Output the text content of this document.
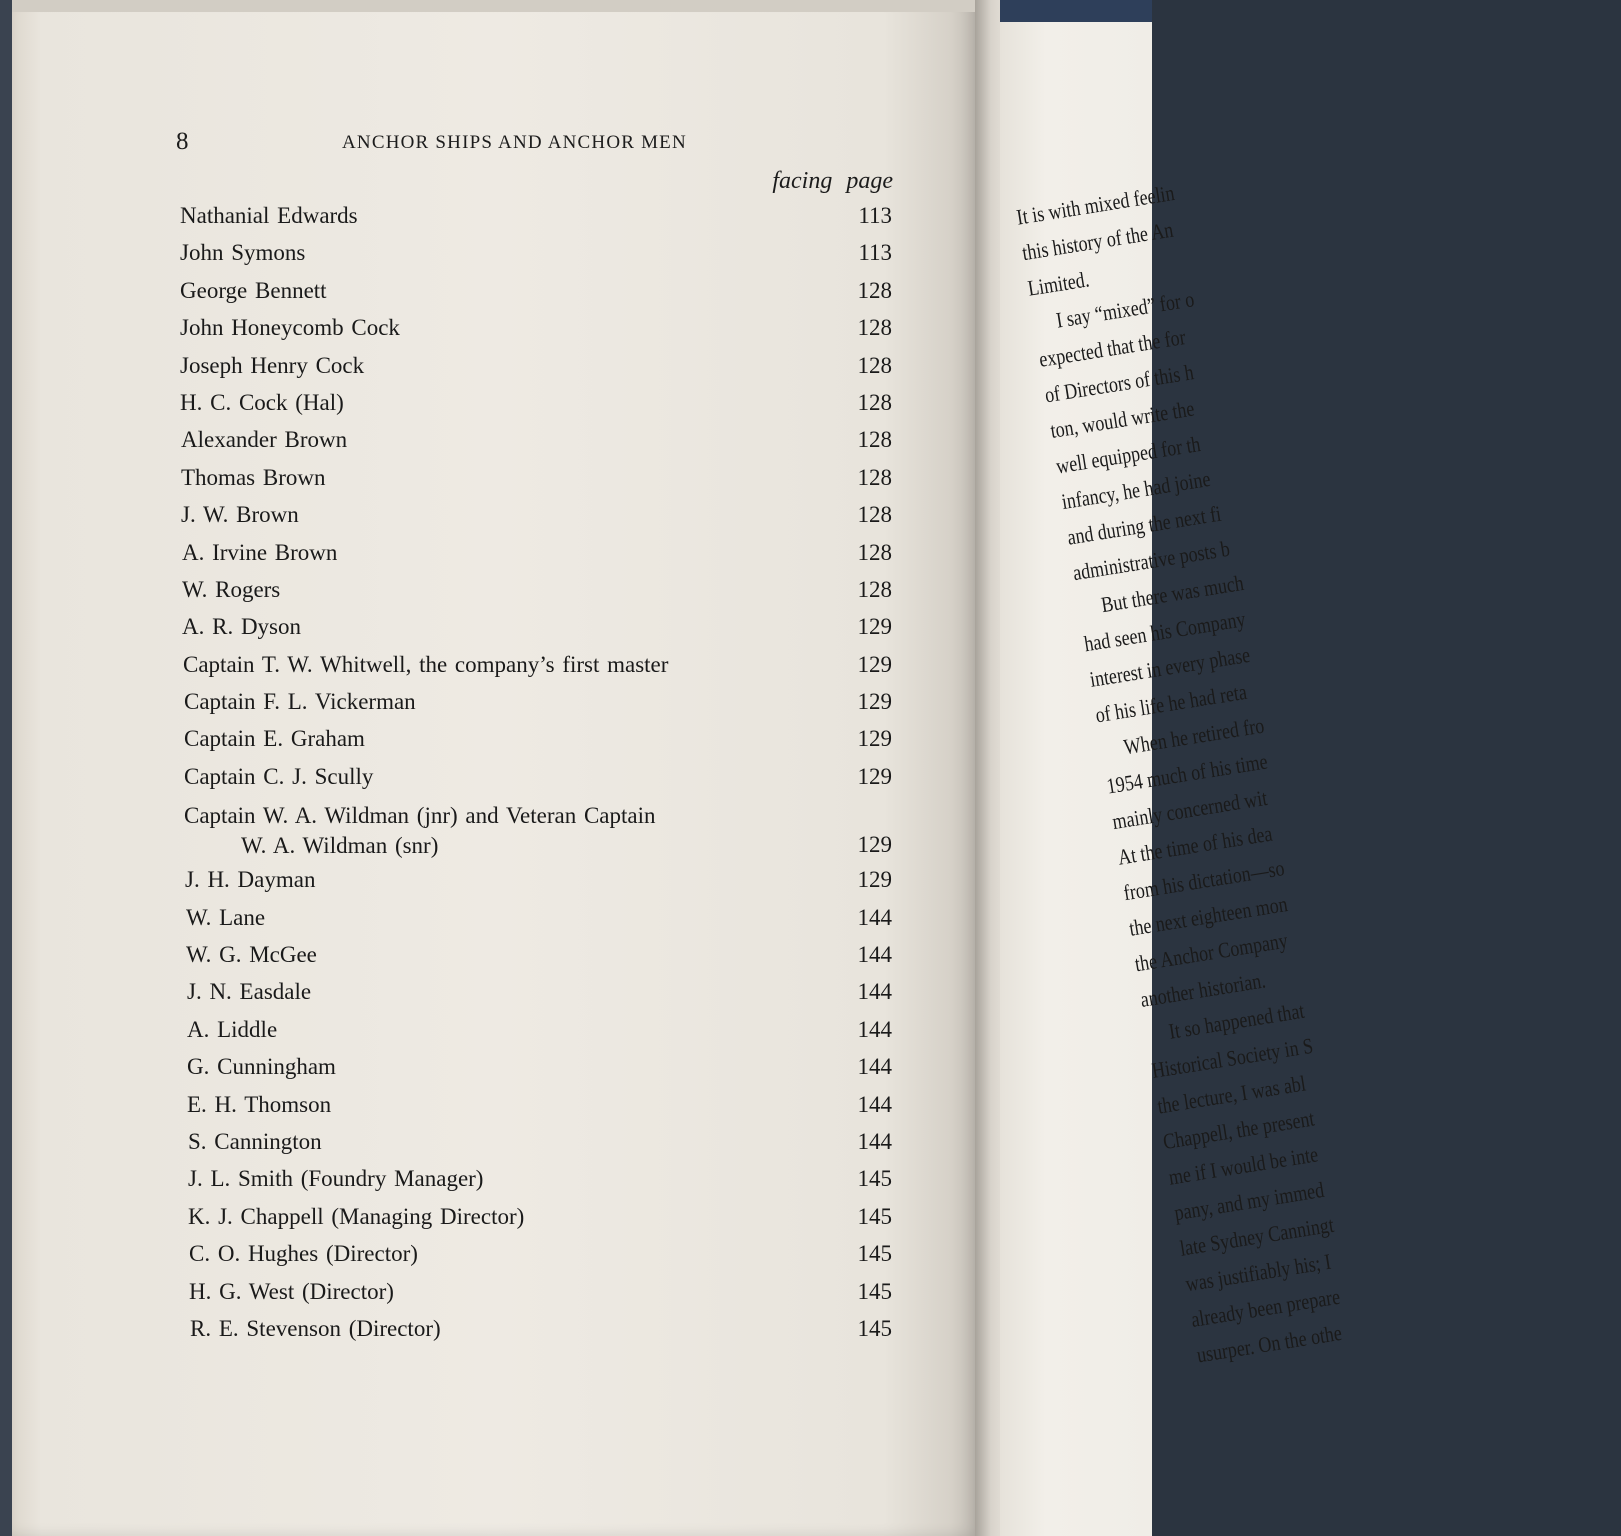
It is with mixed feelin
this history of the An
Limited.
I say “mixed” for o
expected that the for
of Directors of this h
ton, would write the
well equipped for th
infancy, he had joine
and during the next fi
administrative posts b
But there was much
had seen his Company
interest in every phase
of his life he had reta
When he retired fro
1954 much of his time
mainly concerned wit
At the time of his dea
from his dictation—so
the next eighteen mon
the Anchor Company
another historian.
It so happened that
Historical Society in S
the lecture, I was abl
Chappell, the present
me if I would be inte
pany, and my immed
late Sydney Canningt
was justifiably his; I
already been prepare
usurper. On the othe
8	ANCHOR SHIPS AND ANCHOR MEN
facing page
Nathanial Edwards	113
John Symons	113
George Bennett	128
John Honeycomb Cock	128
Joseph Henry Cock	128
H. C. Cock (Hal)	128
Alexander Brown	128
Thomas Brown	128
J. W. Brown	128
A. Irvine Brown	128
W. Rogers	128
A. R. Dyson	129
Captain T. W. Whitwell, the company’s first master	129
Captain F. L. Vickerman	129
Captain E. Graham	129
Captain C. J. Scully	129
Captain W. A. Wildman (jnr) and Veteran Captain
W. A. Wildman (snr)	129
J. H. Dayman	129
W. Lane	144
W. G. McGee	144
J. N. Easdale	144
A. Liddle	144
G. Cunningham	144
E. H. Thomson	144
S. Cannington	144
J. L. Smith (Foundry Manager)	145
K. J. Chappell (Managing Director)	145
C. O. Hughes (Director)	145
H. G. West (Director)	145
R. E. Stevenson (Director)	145
